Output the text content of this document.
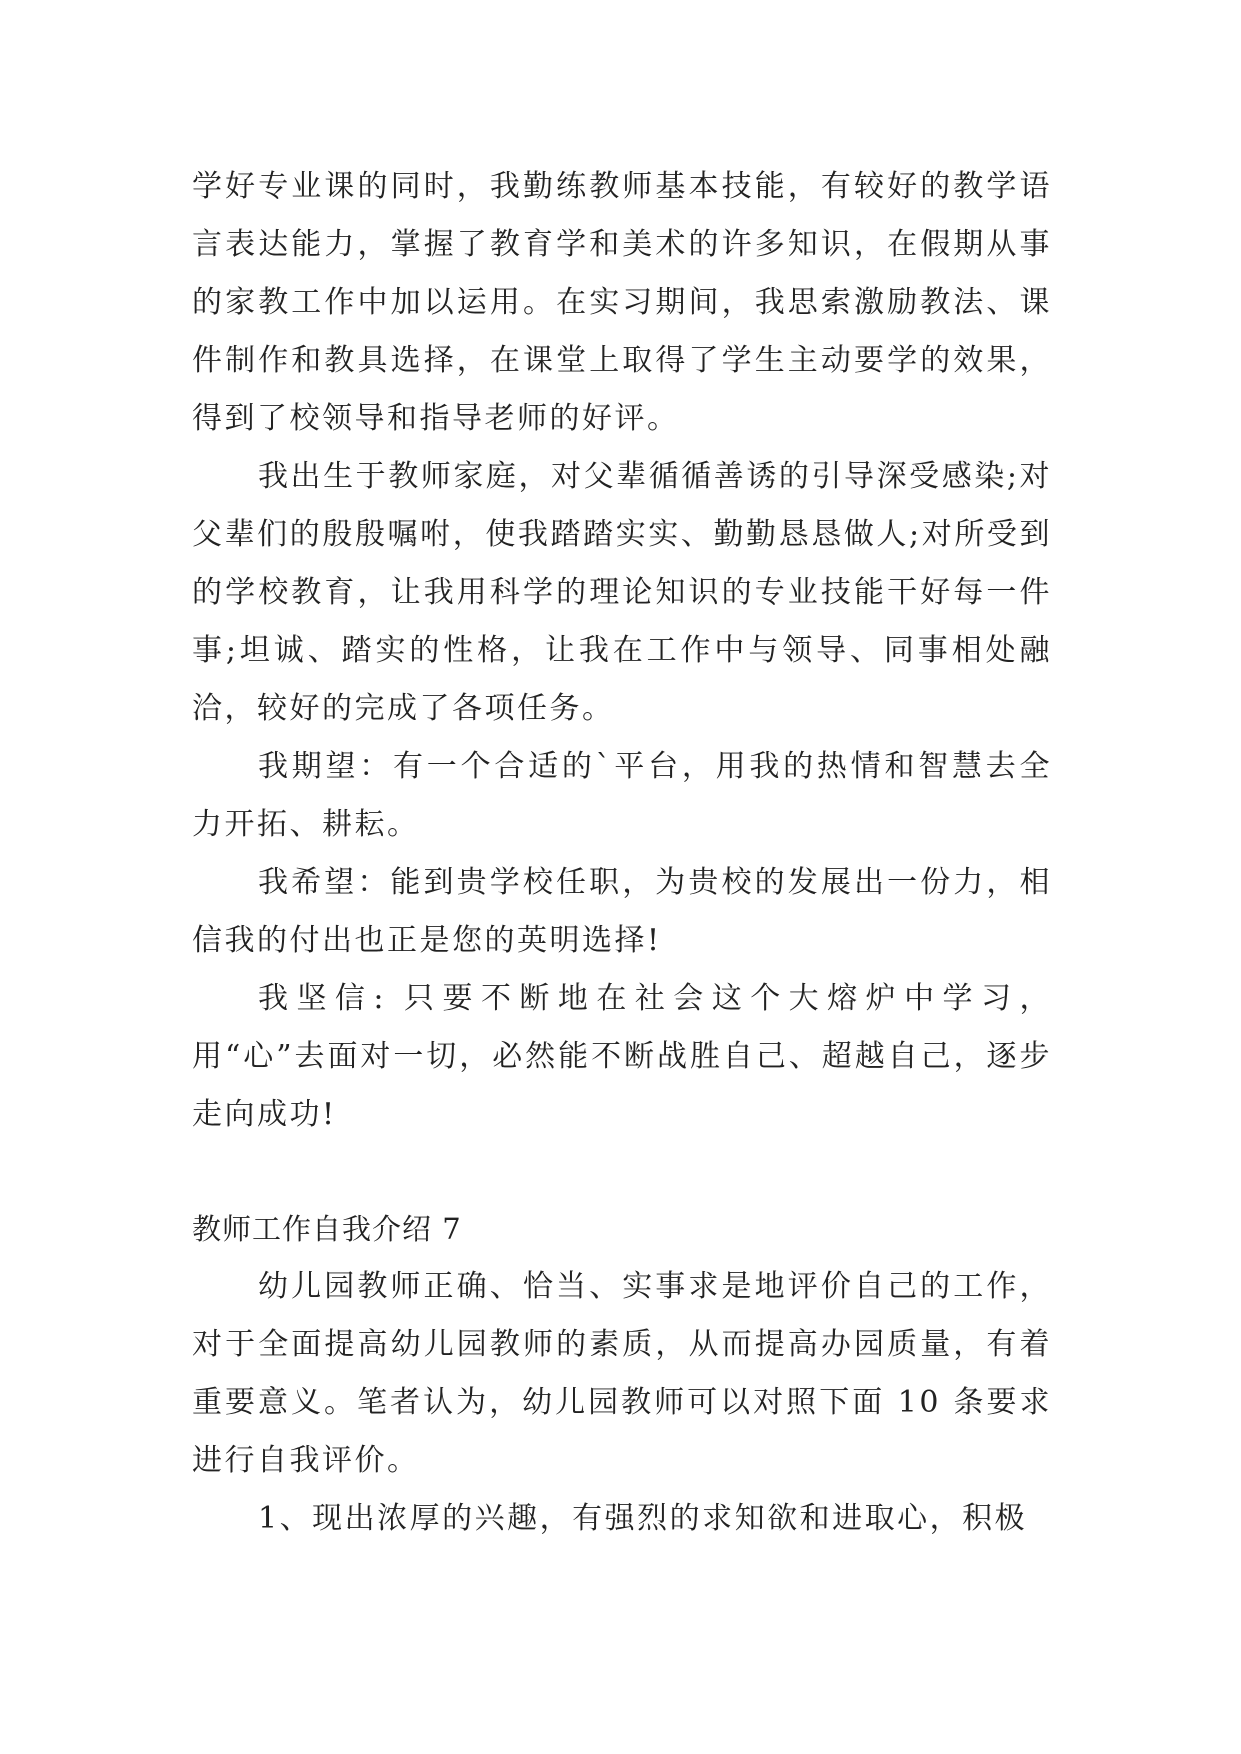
学好专业课的同时，我勤练教师基本技能，有较好的教学语言表达能力，掌握了教育学和美术的许多知识，在假期从事的家教工作中加以运用。在实习期间，我思索激励教法、课件制作和教具选择，在课堂上取得了学生主动要学的效果，得到了校领导和指导老师的好评。

我出生于教师家庭，对父辈循循善诱的引导深受感染;对父辈们的殷殷嘱咐，使我踏踏实实、勤勤恳恳做人;对所受到的学校教育，让我用科学的理论知识的专业技能干好每一件事;坦诚、踏实的性格，让我在工作中与领导、同事相处融洽，较好的完成了各项任务。

我期望：有一个合适的`平台，用我的热情和智慧去全力开拓、耕耘。

我希望：能到贵学校任职，为贵校的发展出一份力，相信我的付出也正是您的英明选择!

我坚信: 只要不断地在社会这个大熔炉中学习，用“心”去面对一切，必然能不断战胜自己、超越自己，逐步走向成功!

教师工作自我介绍 7

幼儿园教师正确、恰当、实事求是地评价自己的工作，对于全面提高幼儿园教师的素质，从而提高办园质量，有着重要意义。笔者认为，幼儿园教师可以对照下面 10 条要求进行自我评价。

1、现出浓厚的兴趣，有强烈的求知欲和进取心，积极
